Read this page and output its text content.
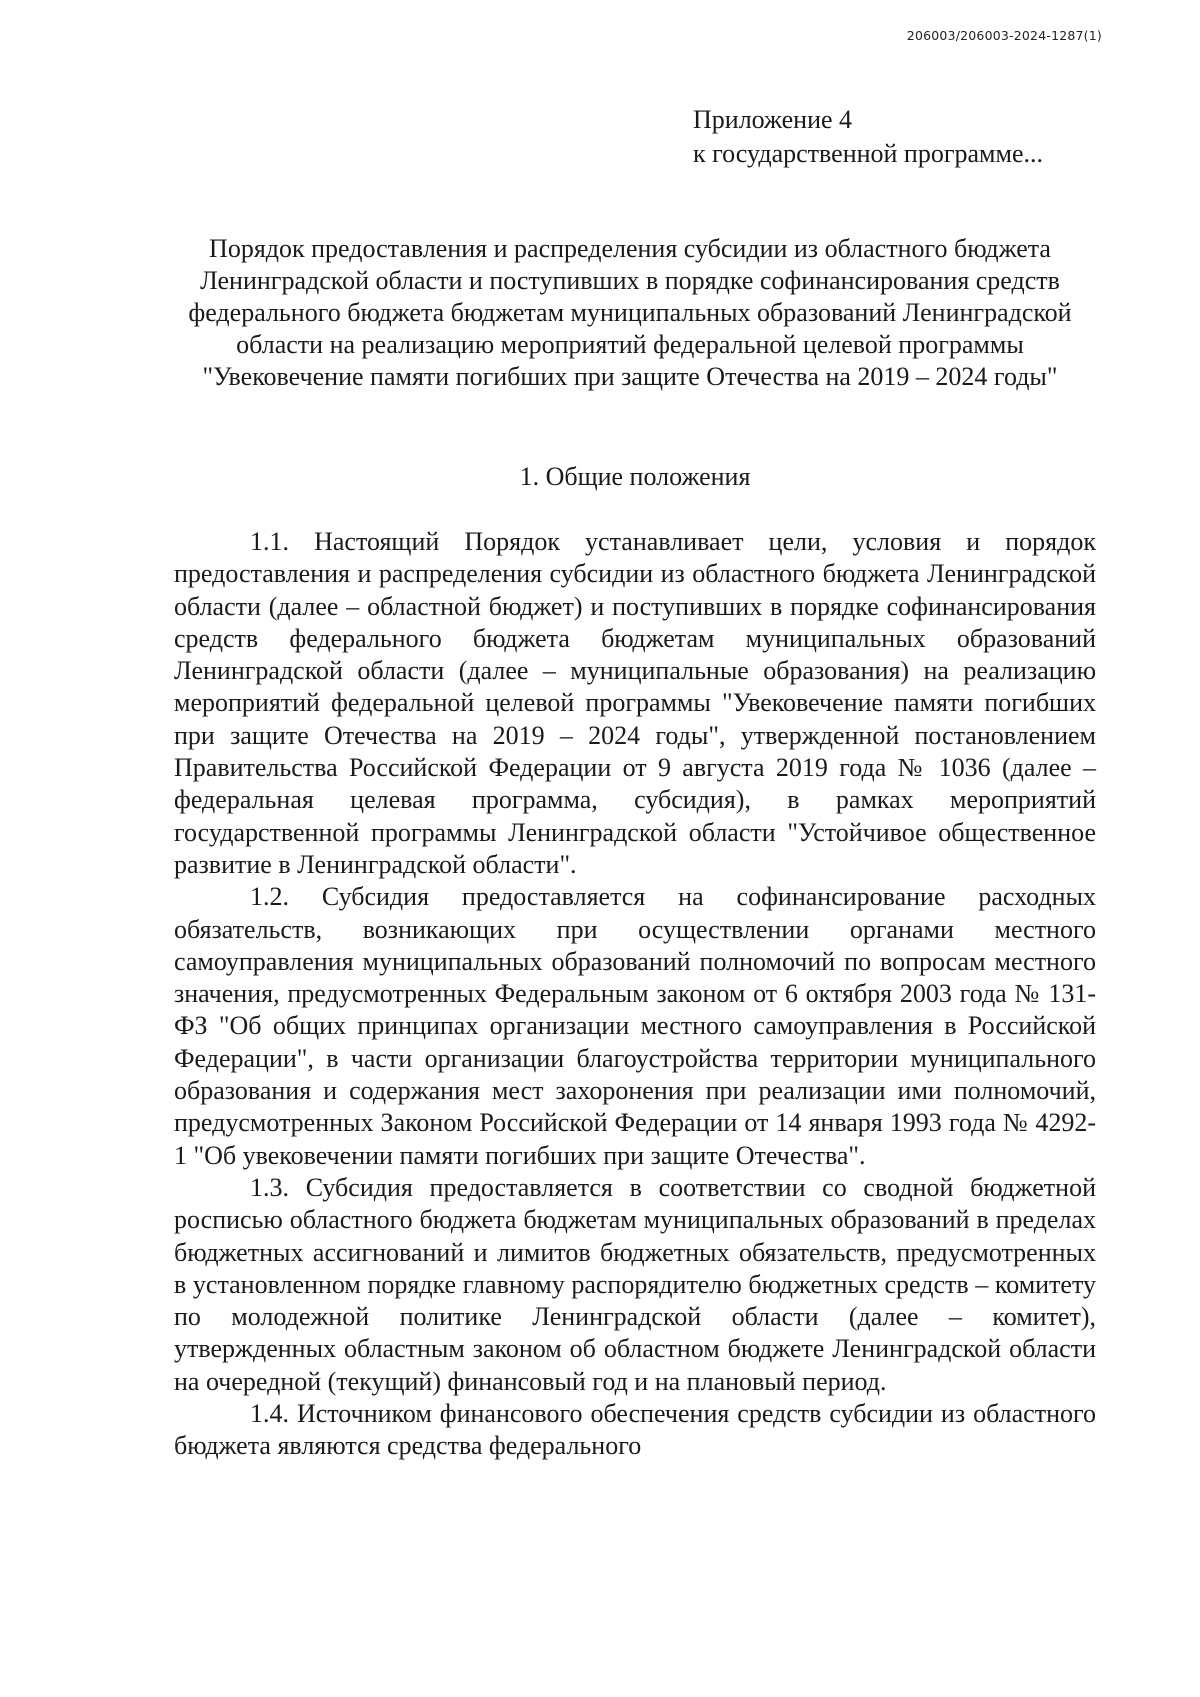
206003/206003-2024-1287(1)
Приложение 4
к государственной программе...
Порядок предоставления и распределения субсидии из областного бюджета Ленинградской области и поступивших в порядке софинансирования средств федерального бюджета бюджетам муниципальных образований Ленинградской области на реализацию мероприятий федеральной целевой программы "Увековечение памяти погибших при защите Отечества на 2019 – 2024 годы"
1. Общие положения

1.1. Настоящий Порядок устанавливает цели, условия и порядок предоставления и распределения субсидии из областного бюджета Ленинградской области (далее – областной бюджет) и поступивших в порядке софинансирования средств федерального бюджета бюджетам муниципальных образований Ленинградской области (далее – муниципальные образования) на реализацию мероприятий федеральной целевой программы "Увековечение памяти погибших при защите Отечества на 2019 – 2024 годы", утвержденной постановлением Правительства Российской Федерации от 9 августа 2019 года № 1036 (далее – федеральная целевая программа, субсидия), в рамках мероприятий государственной программы Ленинградской области "Устойчивое общественное развитие в Ленинградской области".

1.2. Субсидия предоставляется на софинансирование расходных обязательств, возникающих при осуществлении органами местного самоуправления муниципальных образований полномочий по вопросам местного значения, предусмотренных Федеральным законом от 6 октября 2003 года № 131-ФЗ "Об общих принципах организации местного самоуправления в Российской Федерации", в части организации благоустройства территории муниципального образования и содержания мест захоронения при реализации ими полномочий, предусмотренных Законом Российской Федерации от 14 января 1993 года № 4292-1 "Об увековечении памяти погибших при защите Отечества".

1.3. Субсидия предоставляется в соответствии со сводной бюджетной росписью областного бюджета бюджетам муниципальных образований в пределах бюджетных ассигнований и лимитов бюджетных обязательств, предусмотренных в установленном порядке главному распорядителю бюджетных средств – комитету по молодежной политике Ленинградской области (далее – комитет), утвержденных областным законом об областном бюджете Ленинградской области на очередной (текущий) финансовый год и на плановый период.

1.4. Источником финансового обеспечения средств субсидии из областного бюджета являются средства федерального
